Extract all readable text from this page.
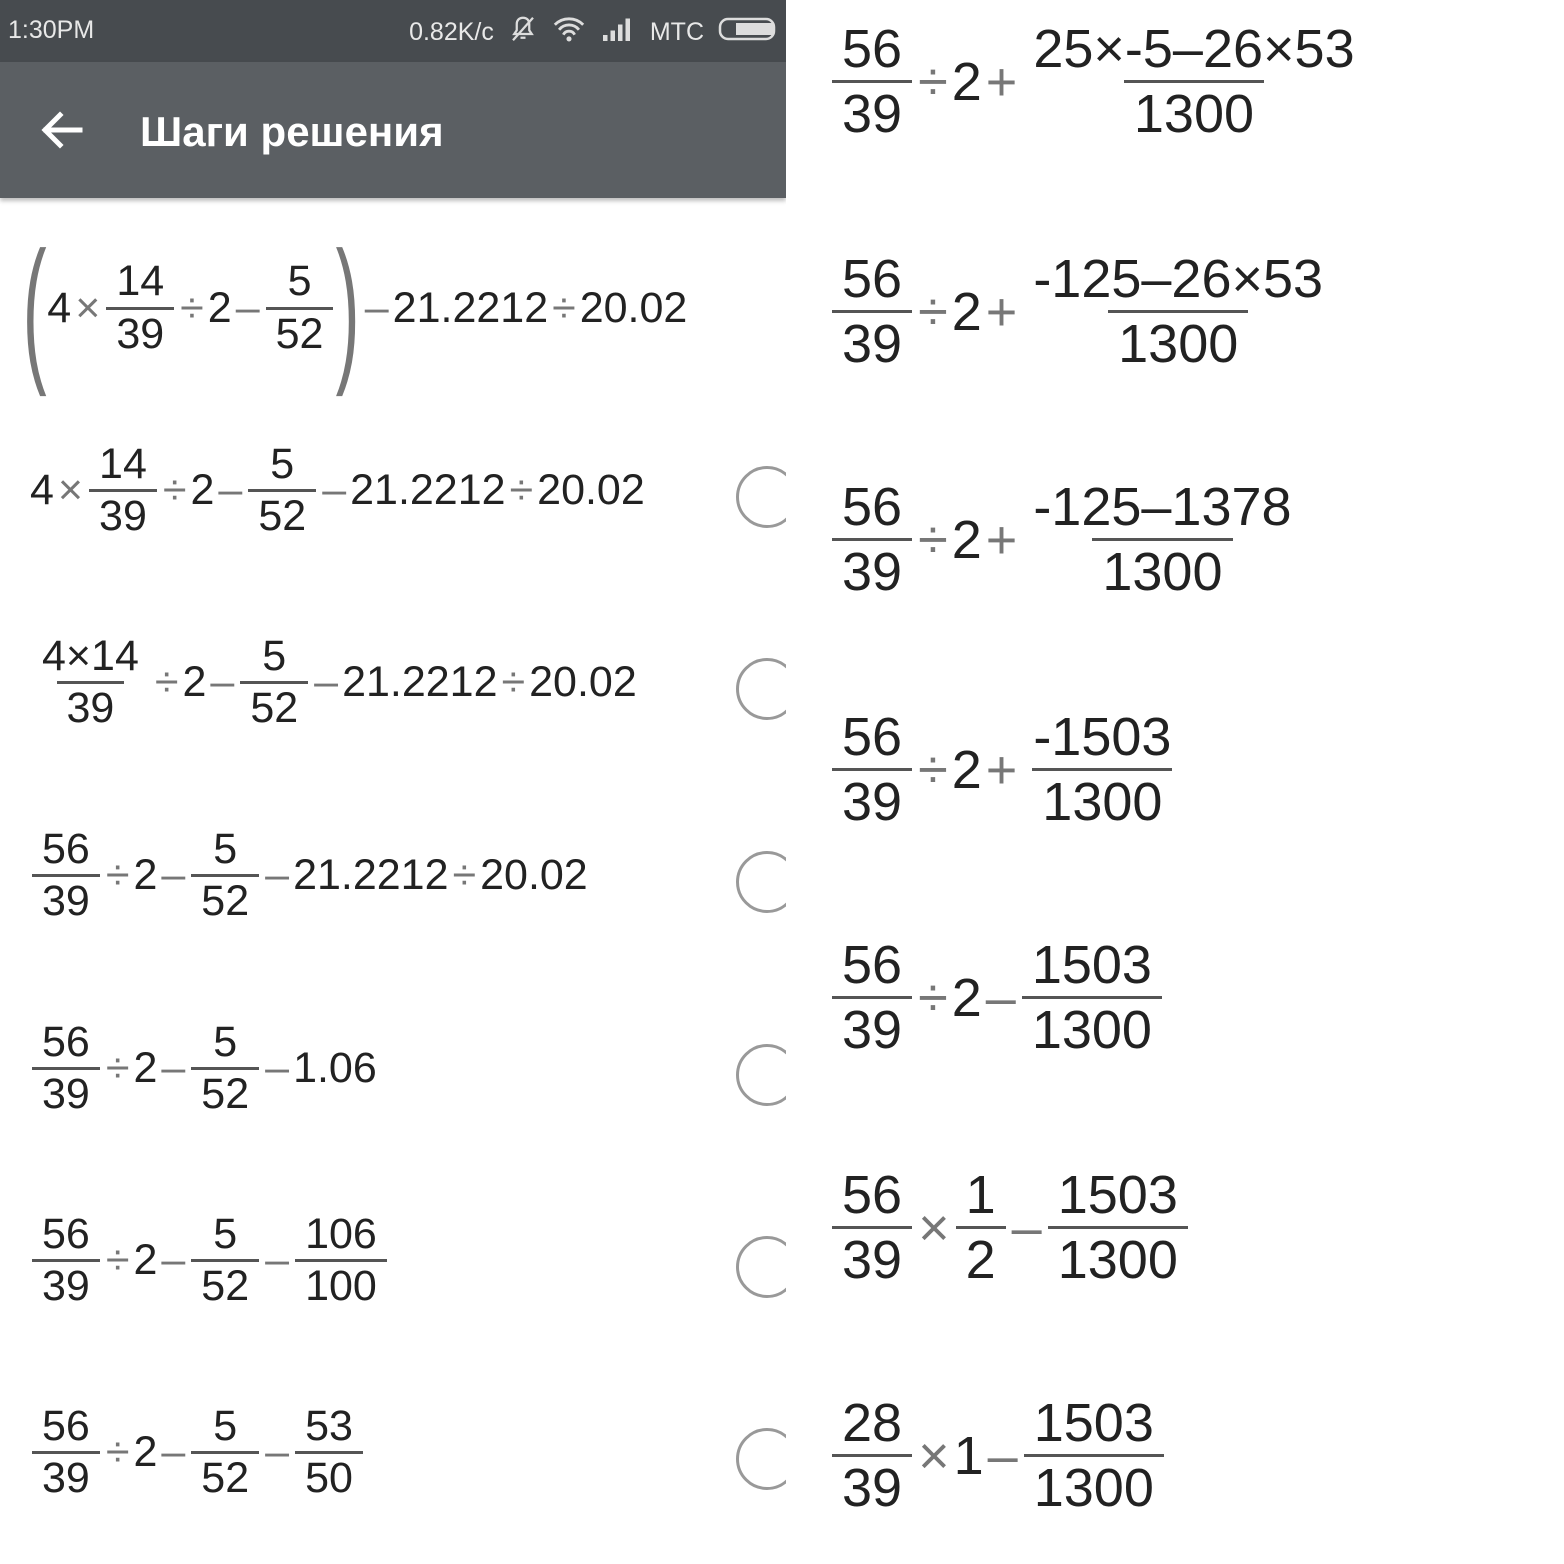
1:30PM	0.82K/c	MTC
Шаги решения
( $4 \times \frac{14}{39} \div 2 - \frac{5}{52}$ ) – 21.2212 ÷ 20.02
$4 \times \frac{14}{39} \div 2 - \frac{5}{52} - 21.2212 \div 20.02$
$\frac{4\times 14}{39} \div 2 - \frac{5}{52} - 21.2212 \div 20.02$
$\frac{56}{39} \div 2 - \frac{5}{52} - 21.2212 \div 20.02$
$\frac{56}{39} \div 2 - \frac{5}{52} - 1.06$
$\frac{56}{39} \div 2 - \frac{5}{52} - \frac{106}{100}$
$\frac{56}{39} \div 2 - \frac{5}{52} - \frac{53}{50}$
$\frac{56}{39} \div 2 + \frac{25\times-5-26\times 53}{1300}$
$\frac{56}{39} \div 2 + \frac{-125-26\times 53}{1300}$
$\frac{56}{39} \div 2 + \frac{-125-1378}{1300}$
$\frac{56}{39} \div 2 + \frac{-1503}{1300}$
$\frac{56}{39} \div 2 - \frac{1503}{1300}$
$\frac{56}{39} \times \frac{1}{2} - \frac{1503}{1300}$
$\frac{28}{39} \times 1 - \frac{1503}{1300}$
